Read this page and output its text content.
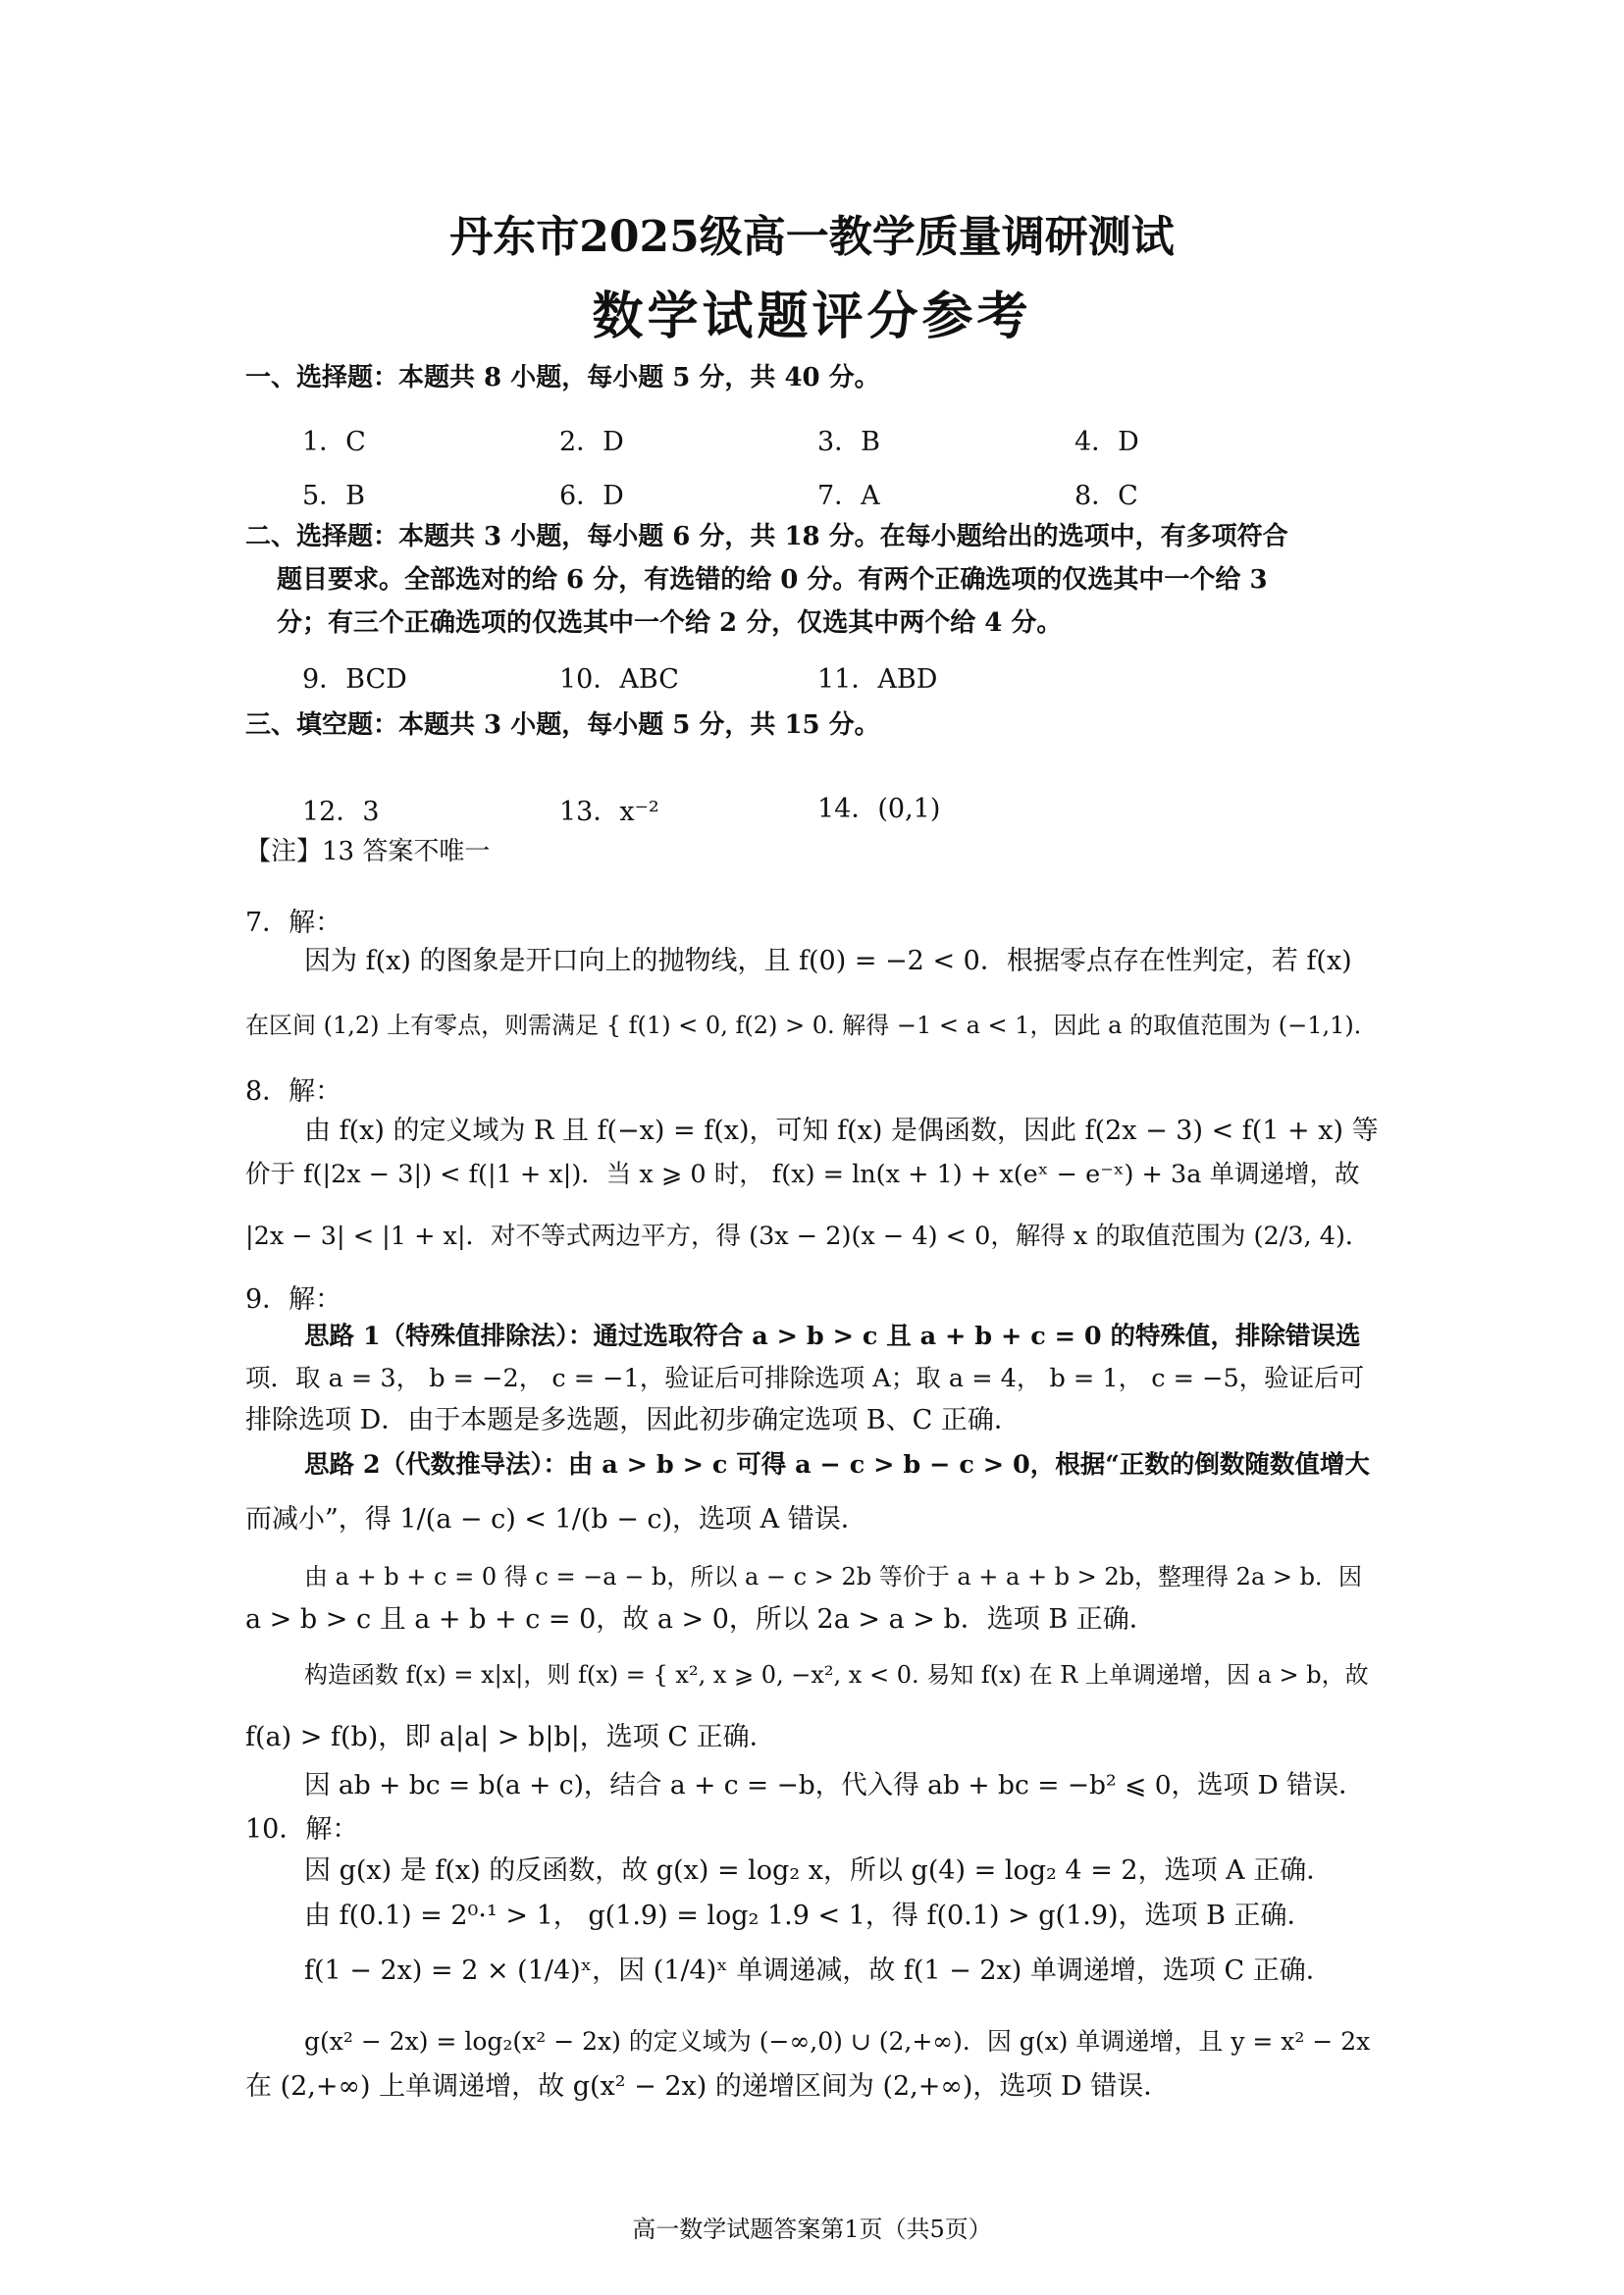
丹东市2025级高一教学质量调研测试
数学试题评分参考
一、选择题：本题共 8 小题，每小题 5 分，共 40 分。
1．C	2．D	3．B	4．D
5．B	6．D	7．A	8．C
二、选择题：本题共 3 小题，每小题 6 分，共 18 分。在每小题给出的选项中，有多项符合
题目要求。全部选对的给 6 分，有选错的给 0 分。有两个正确选项的仅选其中一个给 3
分；有三个正确选项的仅选其中一个给 2 分，仅选其中两个给 4 分。
9．BCD	10．ABC	11．ABD
三、填空题：本题共 3 小题，每小题 5 分，共 15 分。
12．3	13．x⁻²	14．(0,1)
【注】13 答案不唯一
7．解：
因为 f(x) 的图象是开口向上的抛物线，且 f(0) = −2 < 0．根据零点存在性判定，若 f(x)
在区间 (1,2) 上有零点，则需满足 { f(1) < 0, f(2) > 0. 解得 −1 < a < 1，因此 a 的取值范围为 (−1,1)．
8．解：
由 f(x) 的定义域为 R 且 f(−x) = f(x)，可知 f(x) 是偶函数，因此 f(2x − 3) < f(1 + x) 等
价于 f(|2x − 3|) < f(|1 + x|)．当 x ⩾ 0 时， f(x) = ln(x + 1) + x(eˣ − e⁻ˣ) + 3a 单调递增，故
|2x − 3| < |1 + x|．对不等式两边平方，得 (3x − 2)(x − 4) < 0，解得 x 的取值范围为 (2/3, 4)．
9．解：
思路 1（特殊值排除法）：通过选取符合 a > b > c 且 a + b + c = 0 的特殊值，排除错误选
项．取 a = 3， b = −2， c = −1，验证后可排除选项 A；取 a = 4， b = 1， c = −5，验证后可
排除选项 D．由于本题是多选题，因此初步确定选项 B、C 正确．
思路 2（代数推导法）：由 a > b > c 可得 a − c > b − c > 0，根据“正数的倒数随数值增大
而减小”，得 1/(a − c) < 1/(b − c)，选项 A 错误．
由 a + b + c = 0 得 c = −a − b，所以 a − c > 2b 等价于 a + a + b > 2b，整理得 2a > b．因
a > b > c 且 a + b + c = 0，故 a > 0，所以 2a > a > b．选项 B 正确．
构造函数 f(x) = x|x|，则 f(x) = { x², x ⩾ 0, −x², x < 0. 易知 f(x) 在 R 上单调递增，因 a > b，故
f(a) > f(b)，即 a|a| > b|b|，选项 C 正确．
因 ab + bc = b(a + c)，结合 a + c = −b，代入得 ab + bc = −b² ⩽ 0，选项 D 错误．
10．解：
因 g(x) 是 f(x) 的反函数，故 g(x) = log₂ x，所以 g(4) = log₂ 4 = 2，选项 A 正确．
由 f(0.1) = 2⁰·¹ > 1， g(1.9) = log₂ 1.9 < 1，得 f(0.1) > g(1.9)，选项 B 正确．
f(1 − 2x) = 2 × (1/4)ˣ，因 (1/4)ˣ 单调递减，故 f(1 − 2x) 单调递增，选项 C 正确．
g(x² − 2x) = log₂(x² − 2x) 的定义域为 (−∞,0) ∪ (2,+∞)．因 g(x) 单调递增，且 y = x² − 2x
在 (2,+∞) 上单调递增，故 g(x² − 2x) 的递增区间为 (2,+∞)，选项 D 错误．
高一数学试题答案第1页（共5页）
